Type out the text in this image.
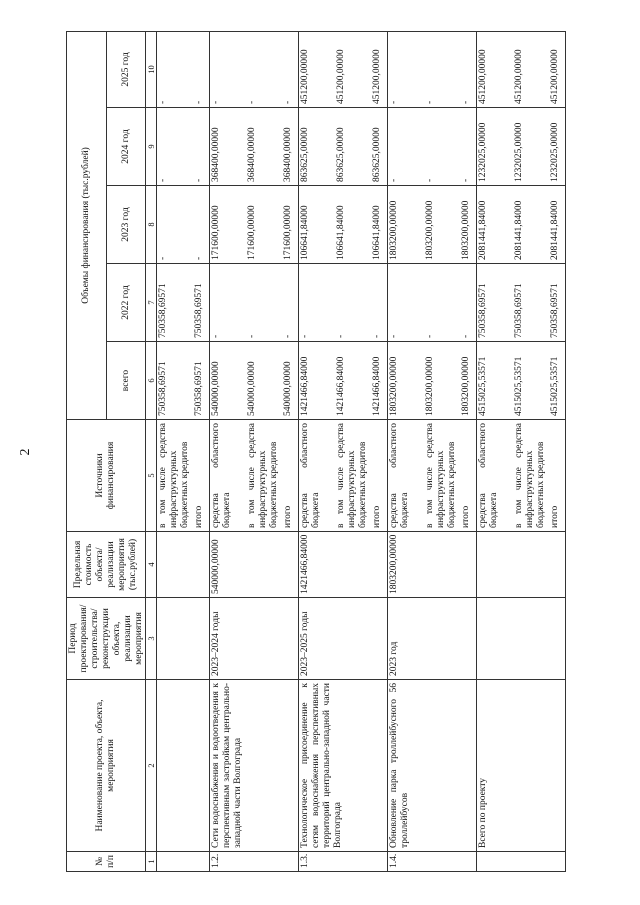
2
№ п/п	Наименование проекта, объекта, мероприятия	Период проектирования/ строительства/ реконструкции объекта, реализации мероприятия	Предельная стоимость объекта/ реализации мероприятия (тыс.рублей)	Источники финансирования	Объемы финансирования (тыс.рублей)				
					всего	2022 год	2023 год	2024 год	2025 год
1	2	3	4	5	6	7	8	9	10

				в том числе средства инфраструктурных бюджетных кредитов итого	750358,69571 750358,69571	750358,69571 750358,69571	- -	- -	- -

1.2.	Сети водоснабжения и водоотведения к перспективным застройкам центрально-западной части Волгограда	2023–2024 годы	540000,00000	средства областного бюджета в том числе средства инфраструктурных бюджетных кредитов итого	540000,00000 540000,00000 540000,00000	- - -	171600,00000 171600,00000 171600,00000	368400,00000 368400,00000 368400,00000	- - -

1.3.	Технологическое присоединение к сетям водоснабжения перспективных территорий центрально-западной части Волгограда	2023–2025 годы	1421466,84000	средства областного бюджета в том числе средства инфраструктурных бюджетных кредитов итого	1421466,84000 1421466,84000 1421466,84000	- - -	106641,84000 106641,84000 106641,84000	863625,00000 863625,00000 863625,00000	451200,00000 451200,00000 451200,00000

1.4.	Обновление парка троллейбусного 56 троллейбусов	2023 год	1803200,00000	средства областного бюджета в том числе средства инфраструктурных бюджетных кредитов итого	1803200,00000 1803200,00000 1803200,00000	- - -	1803200,00000 1803200,00000 1803200,00000	- - -	- - -

	Всего по проекту			средства областного бюджета в том числе средства инфраструктурных бюджетных кредитов итого	4515025,53571 4515025,53571 4515025,53571	750358,69571 750358,69571 750358,69571	2081441,84000 2081441,84000 2081441,84000	1232025,00000 1232025,00000 1232025,00000	451200,00000 451200,00000 451200,00000
